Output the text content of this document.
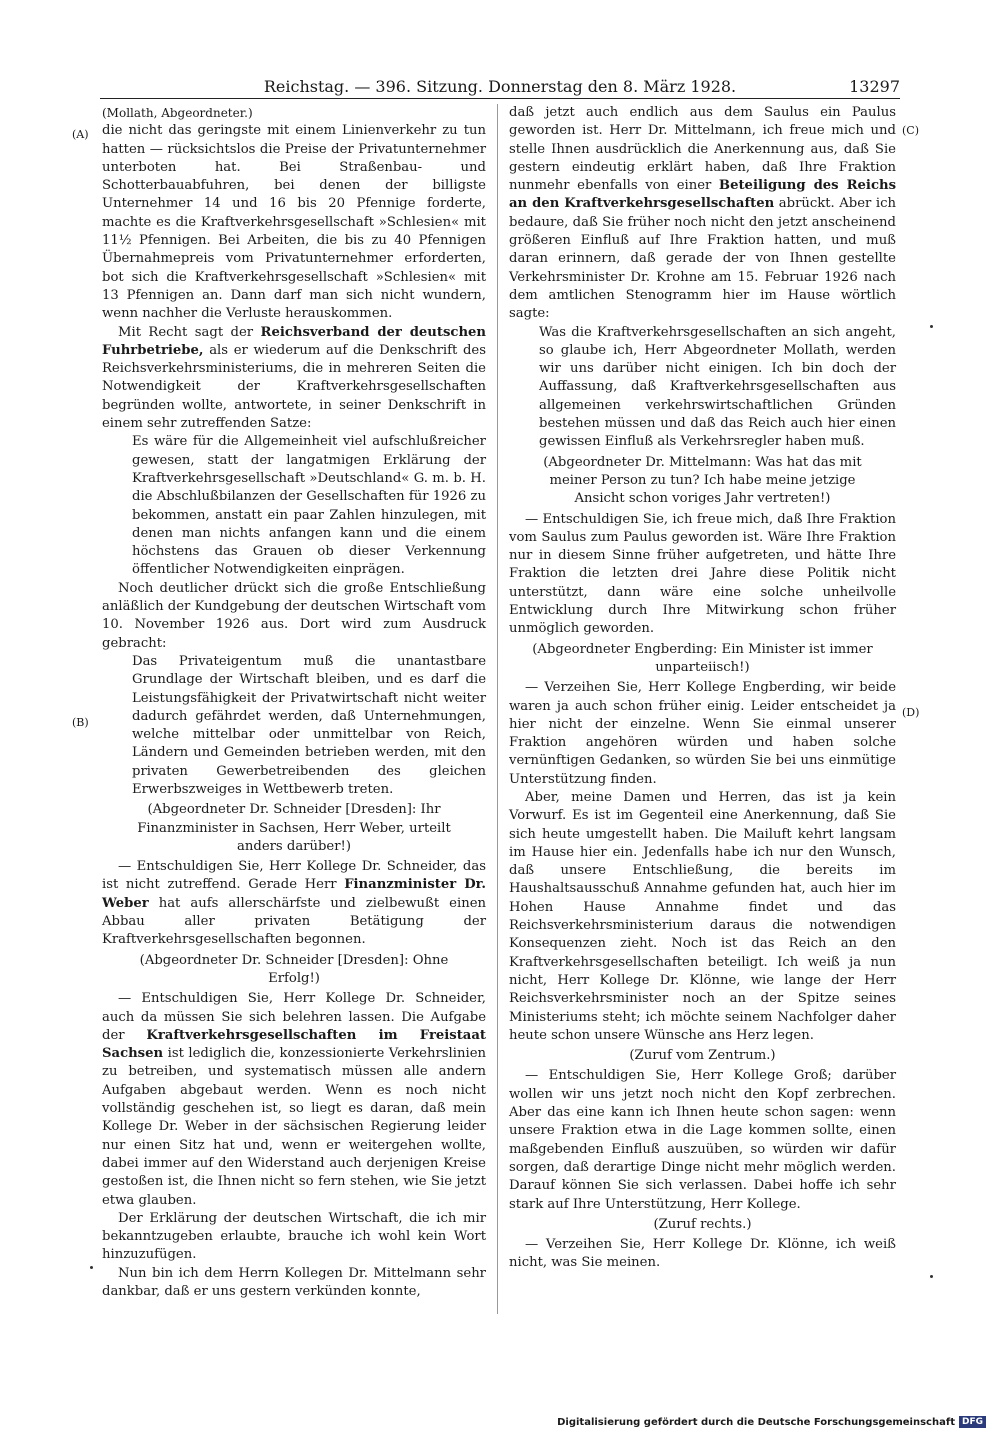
Reichstag. — 396. Sitzung. Donnerstag den 8. März 1928.	13297
(A)
(B)
(C)
(D)

(Mollath, Abgeordneter.)

die nicht das geringste mit einem Linienverkehr zu tun hatten — rücksichtslos die Preise der Privatunternehmer unterboten hat. Bei Straßenbau- und Schotterbauabfuhren, bei denen der billigste Unternehmer 14 und 16 bis 20 Pfennige forderte, machte es die Kraftverkehrsgesellschaft »Schlesien« mit 11½ Pfennigen. Bei Arbeiten, die bis zu 40 Pfennigen Übernahmepreis vom Privatunternehmer erforderten, bot sich die Kraftverkehrsgesellschaft »Schlesien« mit 13 Pfennigen an. Dann darf man sich nicht wundern, wenn nachher die Verluste herauskommen.

Mit Recht sagt der Reichsverband der deutschen Fuhrbetriebe, als er wiederum auf die Denkschrift des Reichsverkehrsministeriums, die in mehreren Seiten die Notwendigkeit der Kraftverkehrsgesellschaften begründen wollte, antwortete, in seiner Denkschrift in einem sehr zutreffenden Satze:

Es wäre für die Allgemeinheit viel aufschlußreicher gewesen, statt der langatmigen Erklärung der Kraftverkehrsgesellschaft »Deutschland« G. m. b. H. die Abschlußbilanzen der Gesellschaften für 1926 zu bekommen, anstatt ein paar Zahlen hinzulegen, mit denen man nichts anfangen kann und die einem höchstens das Grauen ob dieser Verkennung öffentlicher Notwendigkeiten einprägen.

Noch deutlicher drückt sich die große Entschließung anläßlich der Kundgebung der deutschen Wirtschaft vom 10. November 1926 aus. Dort wird zum Ausdruck gebracht:

Das Privateigentum muß die unantastbare Grundlage der Wirtschaft bleiben, und es darf die Leistungsfähigkeit der Privatwirtschaft nicht weiter dadurch gefährdet werden, daß Unternehmungen, welche mittelbar oder unmittelbar von Reich, Ländern und Gemeinden betrieben werden, mit den privaten Gewerbetreibenden des gleichen Erwerbszweiges in Wettbewerb treten.

(Abgeordneter Dr. Schneider [Dresden]: Ihr Finanzminister in Sachsen, Herr Weber, urteilt anders darüber!)

— Entschuldigen Sie, Herr Kollege Dr. Schneider, das ist nicht zutreffend. Gerade Herr Finanzminister Dr. Weber hat aufs allerschärfste und zielbewußt einen Abbau aller privaten Betätigung der Kraftverkehrsgesellschaften begonnen.

(Abgeordneter Dr. Schneider [Dresden]: Ohne Erfolg!)

— Entschuldigen Sie, Herr Kollege Dr. Schneider, auch da müssen Sie sich belehren lassen. Die Aufgabe der Kraftverkehrsgesellschaften im Freistaat Sachsen ist lediglich die, konzessionierte Verkehrslinien zu betreiben, und systematisch müssen alle andern Aufgaben abgebaut werden. Wenn es noch nicht vollständig geschehen ist, so liegt es daran, daß mein Kollege Dr. Weber in der sächsischen Regierung leider nur einen Sitz hat und, wenn er weitergehen wollte, dabei immer auf den Widerstand auch derjenigen Kreise gestoßen ist, die Ihnen nicht so fern stehen, wie Sie jetzt etwa glauben.

Der Erklärung der deutschen Wirtschaft, die ich mir bekanntzugeben erlaubte, brauche ich wohl kein Wort hinzuzufügen.

Nun bin ich dem Herrn Kollegen Dr. Mittelmann sehr dankbar, daß er uns gestern verkünden konnte,

daß jetzt auch endlich aus dem Saulus ein Paulus geworden ist. Herr Dr. Mittelmann, ich freue mich und stelle Ihnen ausdrücklich die Anerkennung aus, daß Sie gestern eindeutig erklärt haben, daß Ihre Fraktion nunmehr ebenfalls von einer Beteiligung des Reichs an den Kraftverkehrsgesellschaften abrückt. Aber ich bedaure, daß Sie früher noch nicht den jetzt anscheinend größeren Einfluß auf Ihre Fraktion hatten, und muß daran erinnern, daß gerade der von Ihnen gestellte Verkehrsminister Dr. Krohne am 15. Februar 1926 nach dem amtlichen Stenogramm hier im Hause wörtlich sagte:

Was die Kraftverkehrsgesellschaften an sich angeht, so glaube ich, Herr Abgeordneter Mollath, werden wir uns darüber nicht einigen. Ich bin doch der Auffassung, daß Kraftverkehrsgesellschaften aus allgemeinen verkehrswirtschaftlichen Gründen bestehen müssen und daß das Reich auch hier einen gewissen Einfluß als Verkehrsregler haben muß.

(Abgeordneter Dr. Mittelmann: Was hat das mit meiner Person zu tun? Ich habe meine jetzige Ansicht schon voriges Jahr vertreten!)

— Entschuldigen Sie, ich freue mich, daß Ihre Fraktion vom Saulus zum Paulus geworden ist. Wäre Ihre Fraktion nur in diesem Sinne früher aufgetreten, und hätte Ihre Fraktion die letzten drei Jahre diese Politik nicht unterstützt, dann wäre eine solche unheilvolle Entwicklung durch Ihre Mitwirkung schon früher unmöglich geworden.

(Abgeordneter Engberding: Ein Minister ist immer unparteiisch!)

— Verzeihen Sie, Herr Kollege Engberding, wir beide waren ja auch schon früher einig. Leider entscheidet ja hier nicht der einzelne. Wenn Sie einmal unserer Fraktion angehören würden und haben solche vernünftigen Gedanken, so würden Sie bei uns einmütige Unterstützung finden.

Aber, meine Damen und Herren, das ist ja kein Vorwurf. Es ist im Gegenteil eine Anerkennung, daß Sie sich heute umgestellt haben. Die Mailuft kehrt langsam im Hause hier ein. Jedenfalls habe ich nur den Wunsch, daß unsere Entschließung, die bereits im Haushaltsausschuß Annahme gefunden hat, auch hier im Hohen Hause Annahme findet und das Reichsverkehrsministerium daraus die notwendigen Konsequenzen zieht. Noch ist das Reich an den Kraftverkehrsgesellschaften beteiligt. Ich weiß ja nun nicht, Herr Kollege Dr. Klönne, wie lange der Herr Reichsverkehrsminister noch an der Spitze seines Ministeriums steht; ich möchte seinem Nachfolger daher heute schon unsere Wünsche ans Herz legen.

(Zuruf vom Zentrum.)

— Entschuldigen Sie, Herr Kollege Groß; darüber wollen wir uns jetzt noch nicht den Kopf zerbrechen. Aber das eine kann ich Ihnen heute schon sagen: wenn unsere Fraktion etwa in die Lage kommen sollte, einen maßgebenden Einfluß auszuüben, so würden wir dafür sorgen, daß derartige Dinge nicht mehr möglich werden. Darauf können Sie sich verlassen. Dabei hoffe ich sehr stark auf Ihre Unterstützung, Herr Kollege.

(Zuruf rechts.)

— Verzeihen Sie, Herr Kollege Dr. Klönne, ich weiß nicht, was Sie meinen.

Digitalisierung gefördert durch die Deutsche Forschungsgemeinschaft DFG
